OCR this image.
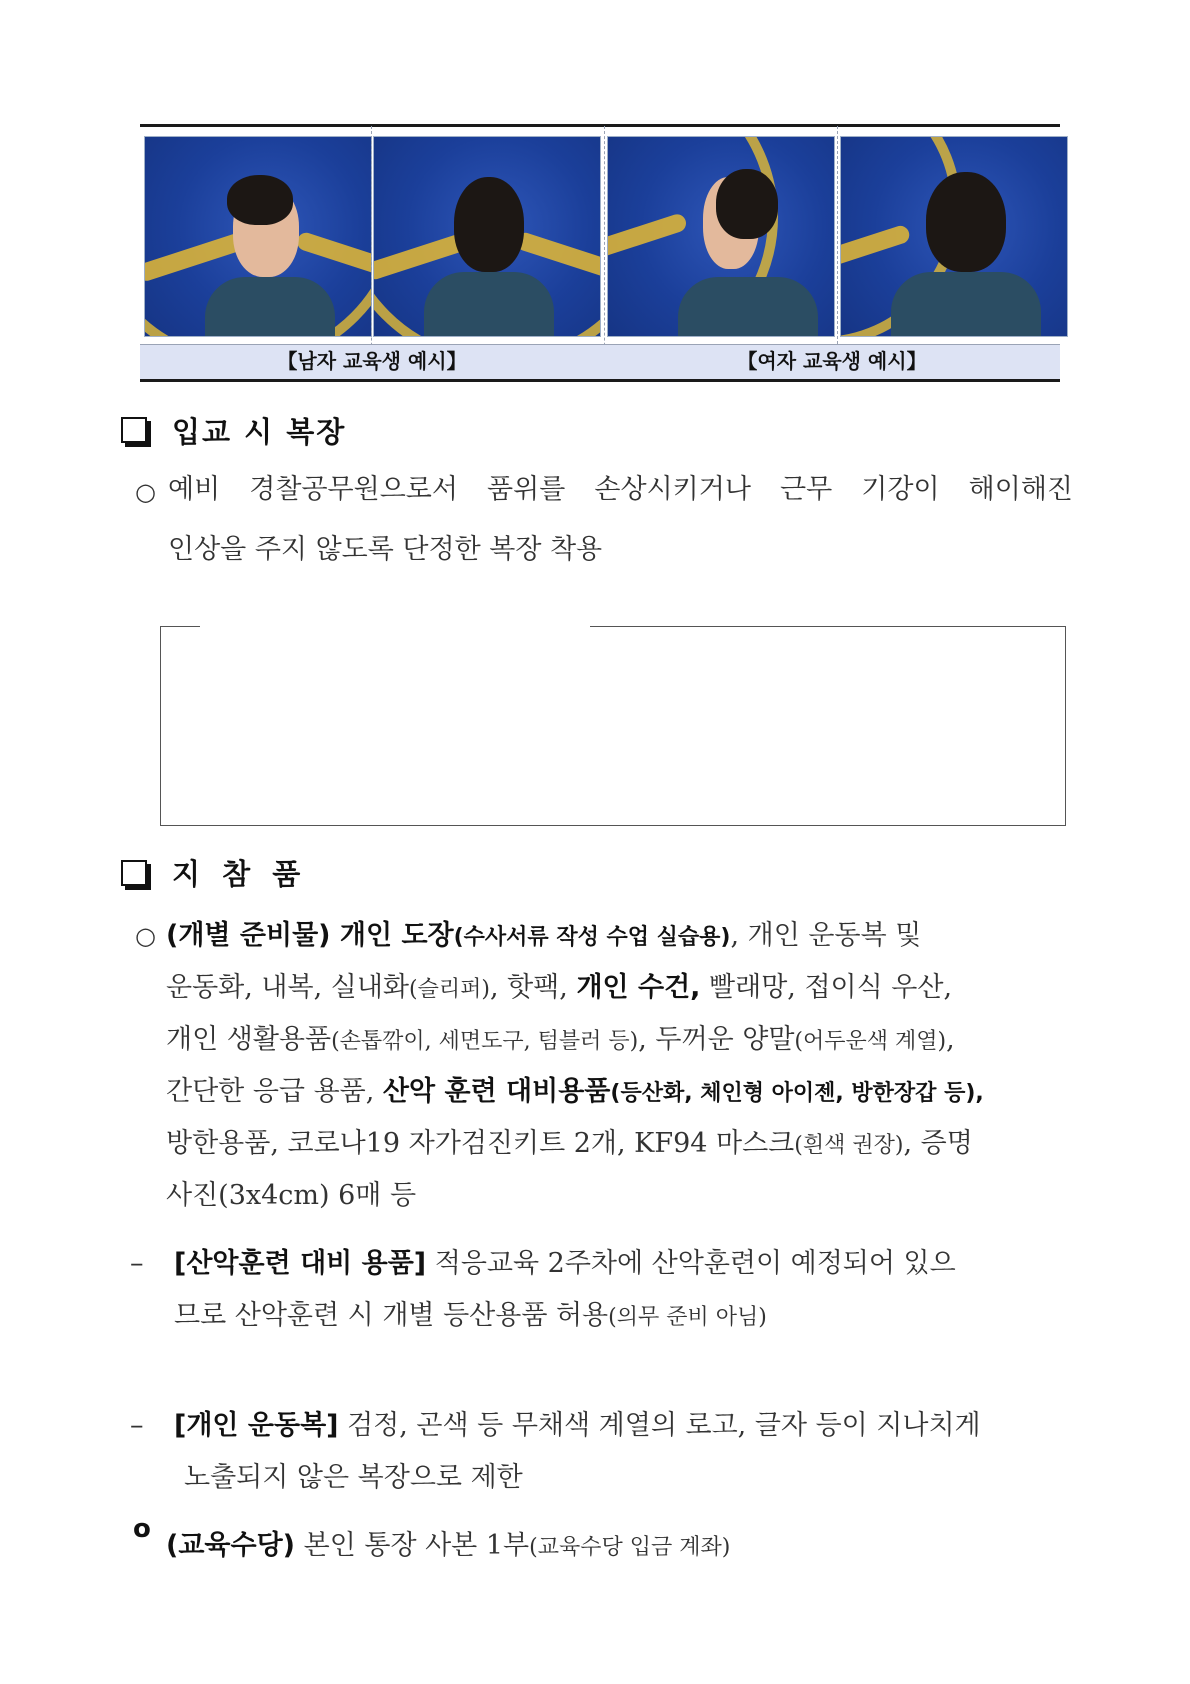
【남자 교육생 예시】	【여자 교육생 예시】
입교 시 복장
○ 예비 경찰공무원으로서 품위를 손상시키거나 근무 기강이 해이해진
인상을 주지 않도록 단정한 복장 착용
지 참 품
○ (개별 준비물) 개인 도장(수사서류 작성 수업 실습용), 개인 운동복 및
운동화, 내복, 실내화(슬리퍼), 핫팩, 개인 수건, 빨래망, 접이식 우산,
개인 생활용품(손톱깎이, 세면도구, 텀블러 등), 두꺼운 양말(어두운색 계열),
간단한 응급 용품, 산악 훈련 대비용품(등산화, 체인형 아이젠, 방한장갑 등),
방한용품, 코로나19 자가검진키트 2개, KF94 마스크(흰색 권장), 증명
사진(3x4cm) 6매 등
– [산악훈련 대비 용품] 적응교육 2주차에 산악훈련이 예정되어 있으
므로 산악훈련 시 개별 등산용품 허용(의무 준비 아님)
– [개인 운동복] 검정, 곤색 등 무채색 계열의 로고, 글자 등이 지나치게
노출되지 않은 복장으로 제한
o
(교육수당) 본인 통장 사본 1부(교육수당 입금 계좌)
